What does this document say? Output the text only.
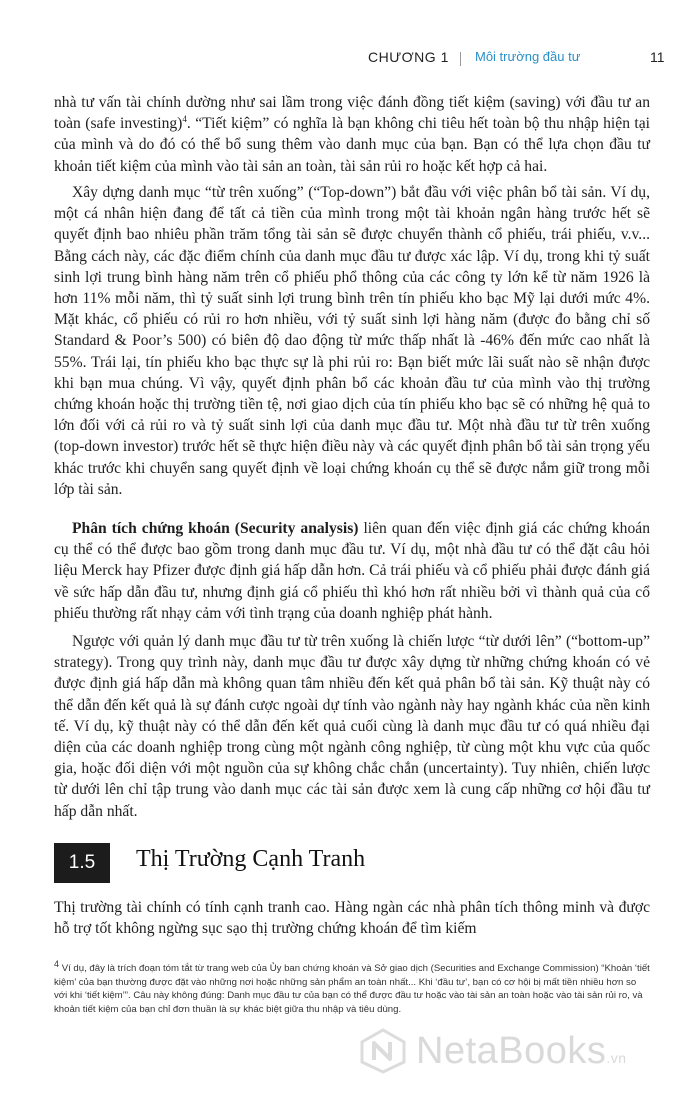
CHƯƠNG 1 Môi trường đầu tư	11

nhà tư vấn tài chính dường như sai lầm trong việc đánh đồng tiết kiệm (saving) với đầu tư an toàn (safe investing)$^4$. “Tiết kiệm” có nghĩa là bạn không chi tiêu hết toàn bộ thu nhập hiện tại của mình và do đó có thể bổ sung thêm vào danh mục của bạn. Bạn có thể lựa chọn đầu tư khoản tiết kiệm của mình vào tài sản an toàn, tài sản rủi ro hoặc kết hợp cả hai.

Xây dựng danh mục “từ trên xuống” (“Top-down”) bắt đầu với việc phân bổ tài sản. Ví dụ, một cá nhân hiện đang để tất cả tiền của mình trong một tài khoản ngân hàng trước hết sẽ quyết định bao nhiêu phần trăm tổng tài sản sẽ được chuyển thành cổ phiếu, trái phiếu, v.v... Bằng cách này, các đặc điểm chính của danh mục đầu tư được xác lập. Ví dụ, trong khi tỷ suất sinh lợi trung bình hàng năm trên cổ phiếu phổ thông của các công ty lớn kể từ năm 1926 là hơn 11% mỗi năm, thì tỷ suất sinh lợi trung bình trên tín phiếu kho bạc Mỹ lại dưới mức 4%. Mặt khác, cổ phiếu có rủi ro hơn nhiều, với tỷ suất sinh lợi hàng năm (được đo bằng chỉ số Standard & Poor’s 500) có biên độ dao động từ mức thấp nhất là -46% đến mức cao nhất là 55%. Trái lại, tín phiếu kho bạc thực sự là phi rủi ro: Bạn biết mức lãi suất nào sẽ nhận được khi bạn mua chúng. Vì vậy, quyết định phân bổ các khoản đầu tư của mình vào thị trường chứng khoán hoặc thị trường tiền tệ, nơi giao dịch của tín phiếu kho bạc sẽ có những hệ quả to lớn đối với cả rủi ro và tỷ suất sinh lợi của danh mục đầu tư. Một nhà đầu tư từ trên xuống (top-down investor) trước hết sẽ thực hiện điều này và các quyết định phân bổ tài sản trọng yếu khác trước khi chuyển sang quyết định về loại chứng khoán cụ thể sẽ được nắm giữ trong mỗi lớp tài sản.

Phân tích chứng khoán (Security analysis) liên quan đến việc định giá các chứng khoán cụ thể có thể được bao gồm trong danh mục đầu tư. Ví dụ, một nhà đầu tư có thể đặt câu hỏi liệu Merck hay Pfizer được định giá hấp dẫn hơn. Cả trái phiếu và cổ phiếu phải được đánh giá về sức hấp dẫn đầu tư, nhưng định giá cổ phiếu thì khó hơn rất nhiều bởi vì thành quả của cổ phiếu thường rất nhạy cảm với tình trạng của doanh nghiệp phát hành.

Ngược với quản lý danh mục đầu tư từ trên xuống là chiến lược “từ dưới lên” (“bottom-up” strategy). Trong quy trình này, danh mục đầu tư được xây dựng từ những chứng khoán có vẻ được định giá hấp dẫn mà không quan tâm nhiều đến kết quả phân bổ tài sản. Kỹ thuật này có thể dẫn đến kết quả là sự đánh cược ngoài dự tính vào ngành này hay ngành khác của nền kinh tế. Ví dụ, kỹ thuật này có thể dẫn đến kết quả cuối cùng là danh mục đầu tư có quá nhiều đại diện của các doanh nghiệp trong cùng một ngành công nghiệp, từ cùng một khu vực của quốc gia, hoặc đối diện với một nguồn của sự không chắc chắn (uncertainty). Tuy nhiên, chiến lược từ dưới lên chỉ tập trung vào danh mục các tài sản được xem là cung cấp những cơ hội đầu tư hấp dẫn nhất.

1.5	Thị Trường Cạnh Tranh

Thị trường tài chính có tính cạnh tranh cao. Hàng ngàn các nhà phân tích thông minh và được hỗ trợ tốt không ngừng sục sạo thị trường chứng khoán để tìm kiếm

$^4$ Ví dụ, đây là trích đoạn tóm tắt từ trang web của Ủy ban chứng khoán và Sở giao dịch (Securities and Exchange Commission) “Khoản ‘tiết kiệm’ của bạn thường được đặt vào những nơi hoặc những sản phẩm an toàn nhất... Khi ‘đầu tư’, bạn có cơ hội bị mất tiền nhiều hơn so với khi ‘tiết kiệm’”. Câu này không đúng: Danh mục đầu tư của bạn có thể được đầu tư hoặc vào tài sản an toàn hoặc vào tài sản rủi ro, và khoản tiết kiệm của bạn chỉ đơn thuần là sự khác biệt giữa thu nhập và tiêu dùng.

NetaBooks.vn
